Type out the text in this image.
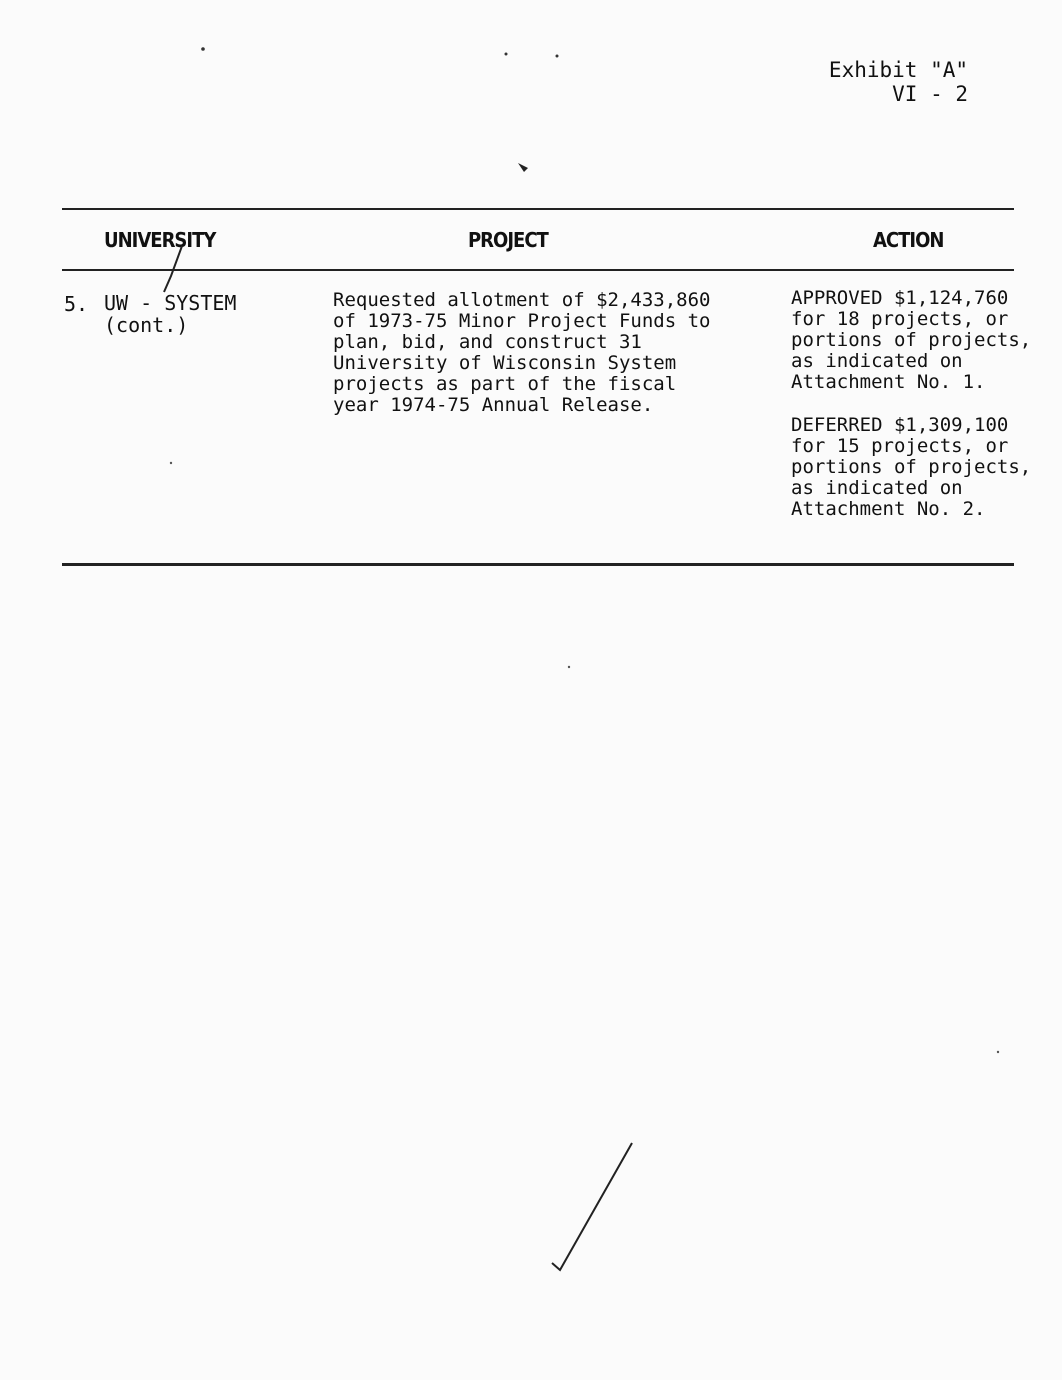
Exhibit "A"
VI - 2
UNIVERSITY	PROJECT	ACTION
5. UW - SYSTEM
(cont.)
Requested allotment of $2,433,860
of 1973-75 Minor Project Funds to
plan, bid, and construct 31
University of Wisconsin System
projects as part of the fiscal
year 1974-75 Annual Release.
APPROVED $1,124,760
for 18 projects, or
portions of projects,
as indicated on
Attachment No. 1.
DEFERRED $1,309,100
for 15 projects, or
portions of projects,
as indicated on
Attachment No. 2.
